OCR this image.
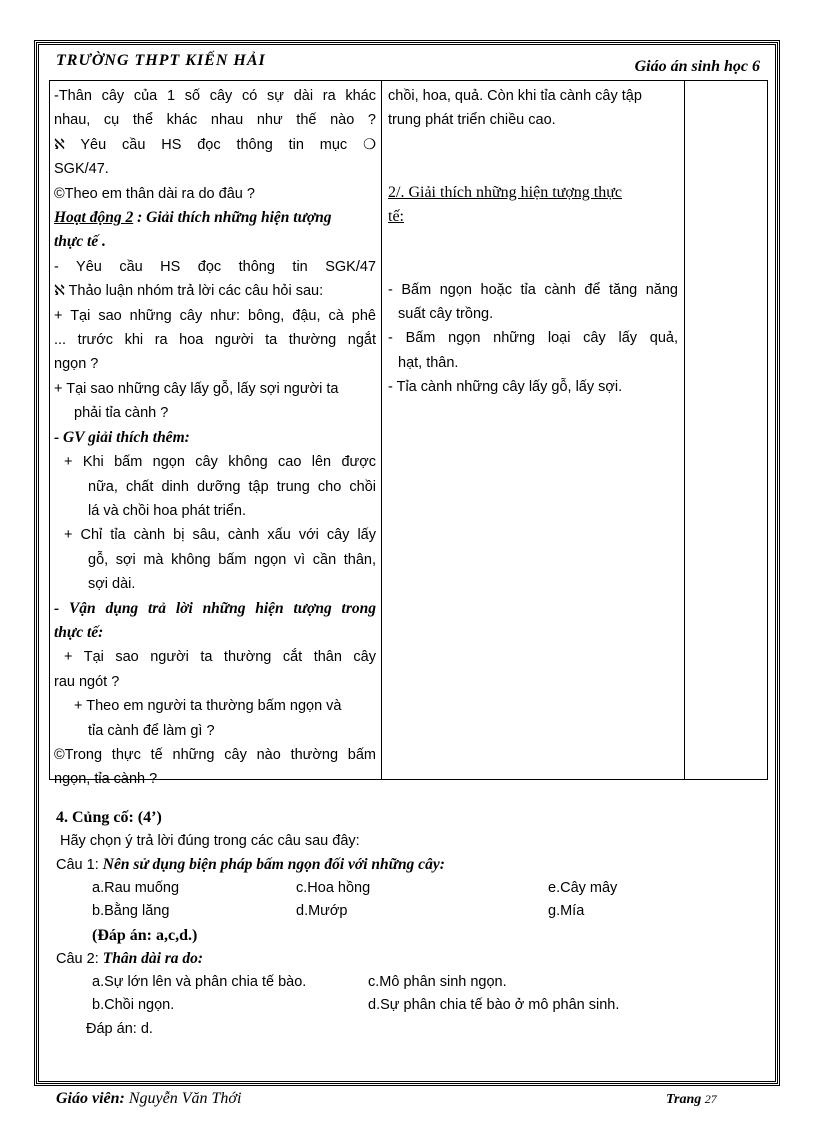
TRƯỜNG THPT KIẾN HẢI	Giáo án sinh học 6
-Thân cây của 1 số cây có sự dài ra khác
nhau, cụ thể khác nhau như thế nào ?
ℵ Yêu cầu HS đọc thông tin mục ❍
SGK/47.
©Theo em thân dài ra do đâu ?
Hoạt động 2 : Giải thích những hiện tượng
thực tế .
- Yêu cầu HS đọc thông tin SGK/47
ℵ Thảo luận nhóm trả lời các câu hỏi sau:
+ Tại sao những cây như: bông, đậu, cà phê
... trước khi ra hoa người ta thường ngắt
ngọn ?
+ Tại sao những cây lấy gỗ, lấy sợi người ta
phải tỉa cành ?
- GV giải thích thêm:
+ Khi bấm ngọn cây không cao lên được
nữa, chất dinh dưỡng tập trung cho chồi
lá và chồi hoa phát triển.
+ Chỉ tỉa cành bị sâu, cành xấu với cây lấy
gỗ, sợi mà không bấm ngọn vì cần thân,
sợi dài.
- Vận dụng trả lời những hiện tượng trong
thực tế:
+ Tại sao người ta thường cắt thân cây
rau ngót ?
+ Theo em người ta thường bấm ngọn và
tỉa cành để làm gì ?
©Trong thực tế những cây nào thường bấm
ngọn, tỉa cành ?
chồi, hoa, quả. Còn khi tỉa cành cây tập
trung phát triển chiều cao.
2/. Giải thích những hiện tượng thực
tế:
- Bấm ngọn hoặc tỉa cành để tăng năng
suất cây trồng.
- Bấm ngọn những loại cây lấy quả,
hạt, thân.
- Tỉa cành những cây lấy gỗ, lấy sợi.
4. Củng cố: (4’)
Hãy chọn ý trả lời đúng trong các câu sau đây:
Câu 1: Nên sử dụng biện pháp bấm ngọn đối với những cây:
a.Rau muống	c.Hoa hồng	e.Cây mây
b.Bằng lăng	d.Mướp	g.Mía
(Đáp án: a,c,d.)
Câu 2: Thân dài ra do:
a.Sự lớn lên và phân chia tế bào.	c.Mô phân sinh ngọn.
b.Chồi ngọn.	d.Sự phân chia tế bào ở mô phân sinh.
Đáp án: d.
Giáo viên: Nguyễn Văn Thới	Trang 27
